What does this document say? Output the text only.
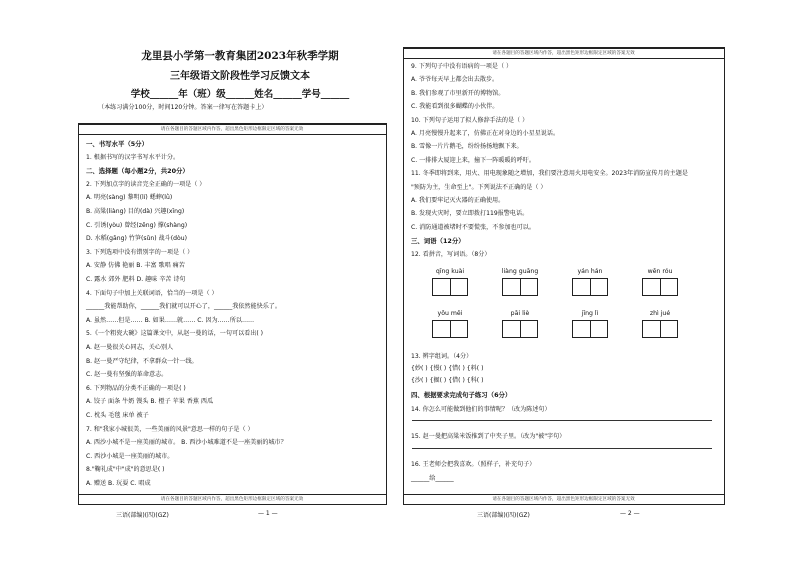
龙里县小学第一教育集团2023年秋季学期
三年级语文阶段性学习反馈文本
学校______年（班）级______姓名______学号______
（本练习满分100分，时间120分钟。答案一律写在答题卡上）
请在各题目的答题区域内作答，超出黑色矩形边框限定区域的答案无效
请在各题目的答题区域内作答，超出黑色矩形边框限定区域的答案无效
一、书写水平（5分）
1. 根据书写的汉字书写水平计分。
二、选择题（每小题2分，共20分）
2. 下列加点字的读音完全正确的一项是（ ）
A. 明亮(sàng) 黎明(lí) 蟋蟀(lǜ)
B. 高粱(liàng) 目的(dà) 兴趣(xīng)
C. 引诱(yòu) 曾经(zēng) 撑(shàng)
D. 水稻(gāng) 竹笋(sǔn) 战斗(dòu)
3. 下列选项中没有错别字的一项是（ ）
A. 安静 仿佛 艳丽 B. 丰富 歌唱 痛苦
C. 露水 郊外 肥料 D. 趣味 辛苦 诗句
4. 下面句子中加上关联词语，恰当的一项是（ ）
______我能帮助你，______我们就可以开心了，______我依然能快乐了。
A. 虽然……但是…… B. 如果……就…… C. 因为……所以……
5.《一个粗瓷大碗》这篇课文中，从赵一曼的话，一句可以看出( )
A. 赵一曼很关心同志，关心别人
B. 赵一曼严守纪律，不拿群众一针一线。
C. 赵一曼有坚强的革命意志。
6. 下列物品的分类不正确的一项是( )
A. 饺子 面条 牛奶 馒头 B. 橙子 苹果 香蕉 西瓜
C. 枕头 毛毯 床单 被子
7. 和"我家小城很美，一些美丽的风景"意思一样的句子是（ ）
A. 西沙小城不是一座美丽的城市。 B. 西沙小城难道不是一座美丽的城市？
C. 西沙小城是一座美丽的城市。
8."鞠礼成"中"成"的意思是( )
A. 赠送 B. 玩耍 C. 唱成
三语(部编)(四)(GZ)	— 1 —
请在各题目的答题区域内作答，超出黑色矩形边框限定区域的答案无效
请在各题目的答题区域内作答，超出黑色矩形边框限定区域的答案无效
9. 下列句子中没有语病的一项是（ ）
A. 爷爷每天早上都会出去散步。
B. 我们参观了市里新开的博物馆。
C. 我能看到很多蝴蝶的小伙伴。
10. 下列句子运用了拟人修辞手法的是（ ）
A. 月亮慢慢升起来了，仿佛正在对身边的小星星说话。
B. 雪像一片片鹅毛，纷纷扬扬地飘下来。
C. 一排排大厦迎上来，撞下一阵暖暖的呼吁。
11. 冬季即将到来，用火、用电现象随之增加，我们要注意用火用电安全。2023年消防宣传月的主题是
"预防为主，生命至上"。下列说法不正确的是（ ）
A. 我们要牢记灭火器的正确使用。
B. 发现火灾时，要立即拨打119报警电话。
C. 消防通道被堵时不要慌张，不参加也可以。
三、词语（12分）
12. 看拼音，写词语。（8分）
qīng kuài	liàng guāng	yán hán	wēn róu
yōu měi	pāi liè	jīng lì	zhì jué
13. 辨字组词。（4分）
{妙( ) {慢( ) {惜( ) {料( )
{沙( ) {掘( ) {借( ) {科( )
四、根据要求完成句子练习（6分）
14. 你怎么可能做到他们的事情呢？（改为陈述句）
15. 赵一曼把高粱米饭推到了中夹子里。（改为"被"字句）
16. 王老师会把我喜欢。（照样子，补充句子）
______给______
三语(部编)(四)(GZ)	— 2 —
